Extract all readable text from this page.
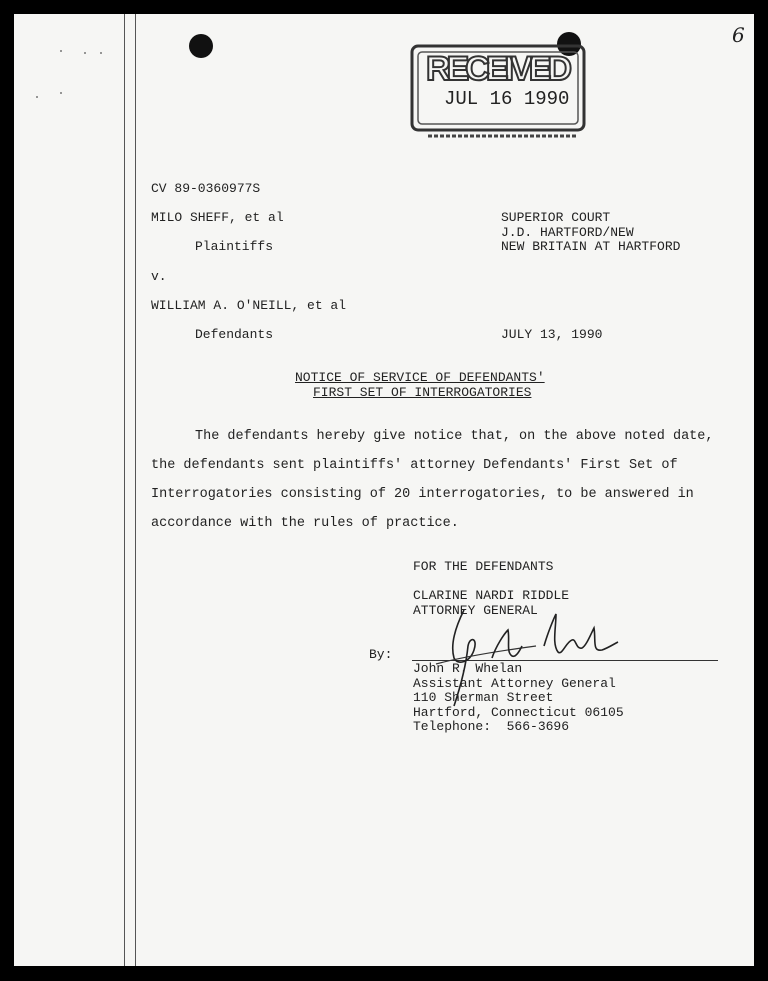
6
RECEIVED
JUL 16 1990
CV 89-0360977S
MILO SHEFF, et al
Plaintiffs
v.
WILLIAM A. O'NEILL, et al
Defendants
SUPERIOR COURT
J.D. HARTFORD/NEW
NEW BRITAIN AT HARTFORD
JULY 13, 1990
NOTICE OF SERVICE OF DEFENDANTS'
FIRST SET OF INTERROGATORIES
The defendants hereby give notice that, on the above noted date, the defendants sent plaintiffs' attorney Defendants' First Set of Interrogatories consisting of 20 interrogatories, to be answered in accordance with the rules of practice.
FOR THE DEFENDANTS
CLARINE NARDI RIDDLE
ATTORNEY GENERAL
By:
John R. Whelan
Assistant Attorney General
110 Sherman Street
Hartford, Connecticut 06105
Telephone:  566-3696
